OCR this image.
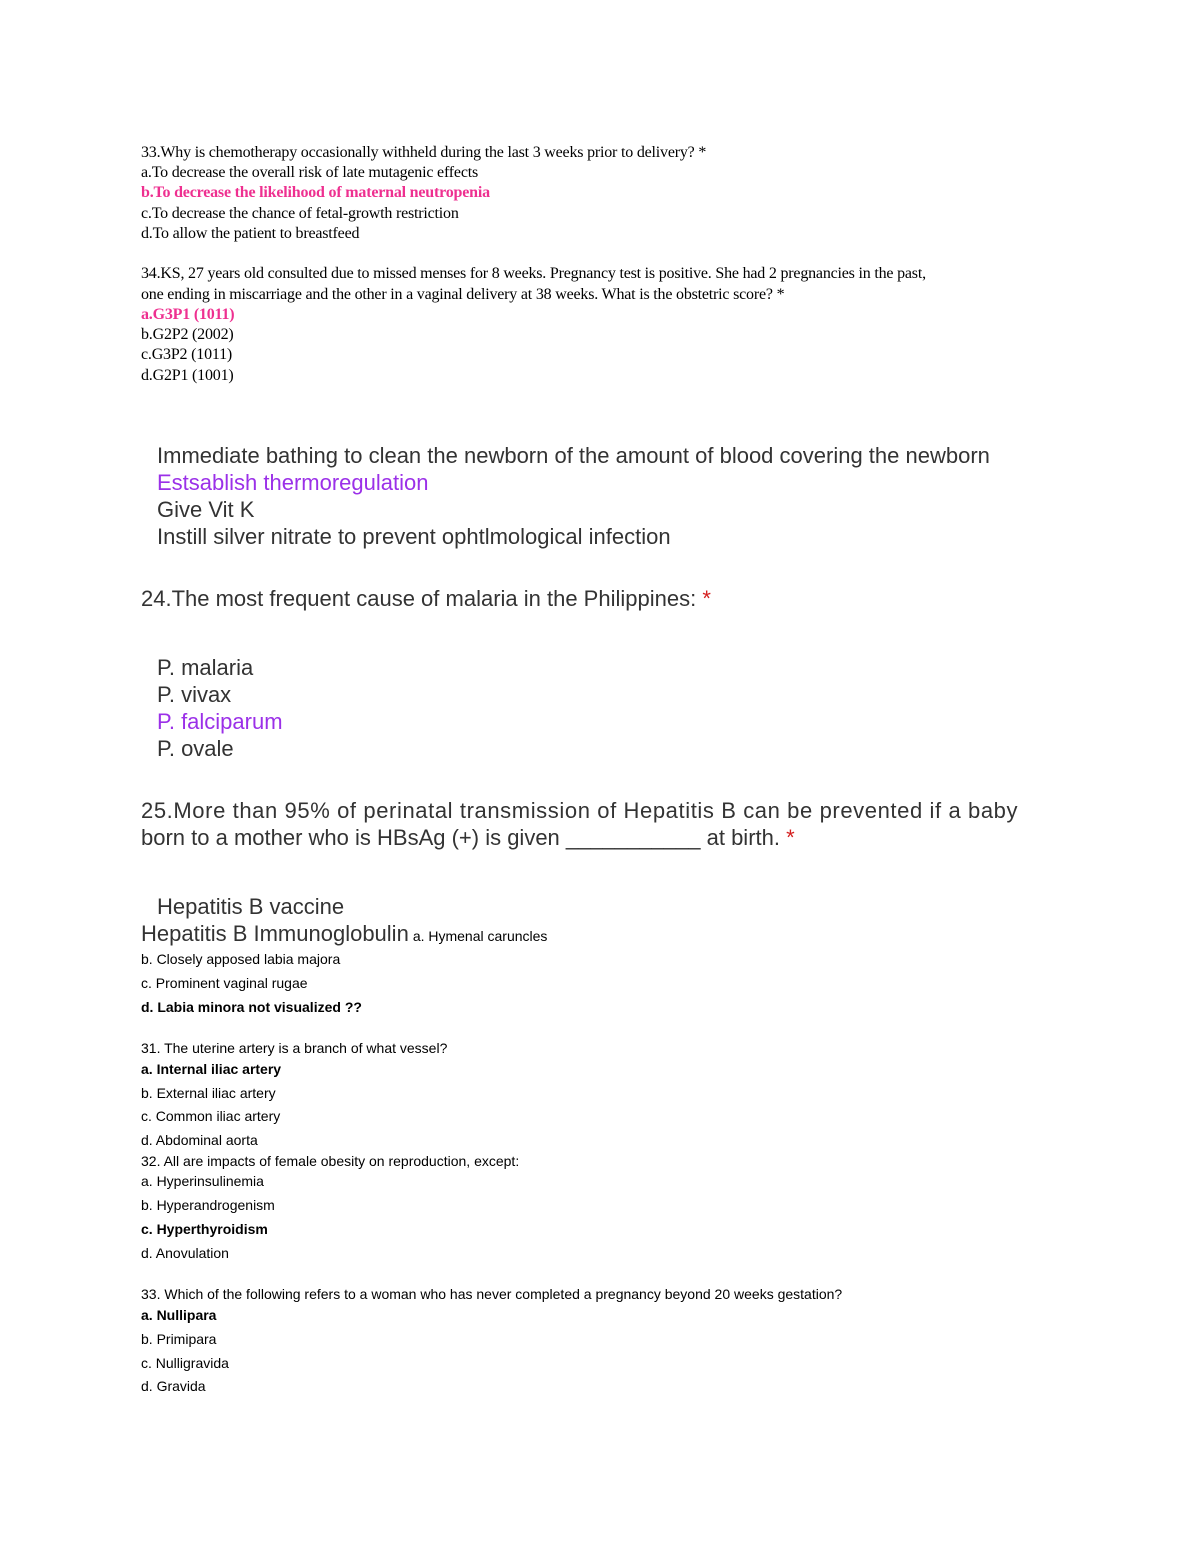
33.Why is chemotherapy occasionally withheld during the last 3 weeks prior to delivery? *
a.To decrease the overall risk of late mutagenic effects
b.To decrease the likelihood of maternal neutropenia
c.To decrease the chance of fetal-growth restriction
d.To allow the patient to breastfeed
34.KS, 27 years old consulted due to missed menses for 8 weeks. Pregnancy test is positive. She had 2 pregnancies in the past,
one ending in miscarriage and the other in a vaginal delivery at 38 weeks. What is the obstetric score? *
a.G3P1 (1011)
b.G2P2 (2002)
c.G3P2 (1011)
d.G2P1 (1001)
Immediate bathing to clean the newborn of the amount of blood covering the newborn
Estsablish thermoregulation
Give Vit K
Instill silver nitrate to prevent ophtlmological infection
24.The most frequent cause of malaria in the Philippines: *
P. malaria
P. vivax
P. falciparum
P. ovale
25.More than 95% of perinatal transmission of Hepatitis B can be prevented if a baby
born to a mother who is HBsAg (+) is given ___________ at birth. *
Hepatitis B vaccine
Hepatitis B Immunoglobulin a. Hymenal caruncles
b. Closely apposed labia majora
c. Prominent vaginal rugae
d. Labia minora not visualized ??
31. The uterine artery is a branch of what vessel?
a. Internal iliac artery
b. External iliac artery
c. Common iliac artery
d. Abdominal aorta
32. All are impacts of female obesity on reproduction, except:
a. Hyperinsulinemia
b. Hyperandrogenism
c. Hyperthyroidism
d. Anovulation
33. Which of the following refers to a woman who has never completed a pregnancy beyond 20 weeks gestation?
a. Nullipara
b. Primipara
c. Nulligravida
d. Gravida
